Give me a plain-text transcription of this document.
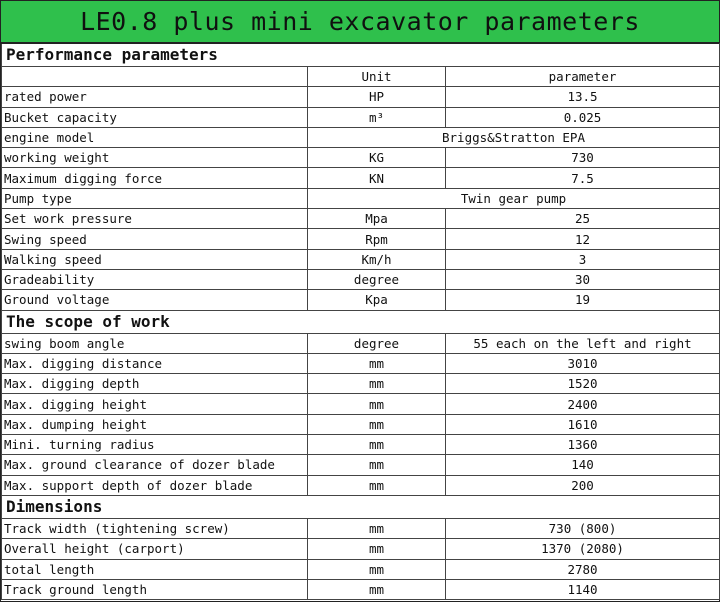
LE0.8 plus mini excavator parameters
Performance parameters		
	Unit	parameter
rated power	HP	13.5
Bucket capacity	m³	0.025
engine model	Briggs&Stratton EPA	
working weight	KG	730
Maximum digging force	KN	7.5
Pump type	Twin gear pump	
Set work pressure	Mpa	25
Swing speed	Rpm	12
Walking speed	Km/h	3
Gradeability	degree	30
Ground voltage	Kpa	19
The scope of work		
swing boom angle	degree	55 each on the left and right
Max. digging distance	mm	3010
Max. digging depth	mm	1520
Max. digging height	mm	2400
Max. dumping height	mm	1610
Mini. turning radius	mm	1360
Max. ground clearance of dozer blade	mm	140
Max. support depth of dozer blade	mm	200
Dimensions		
Track width (tightening screw)	mm	730 (800)
Overall height (carport)	mm	1370 (2080)
total length	mm	2780
Track ground length	mm	1140
